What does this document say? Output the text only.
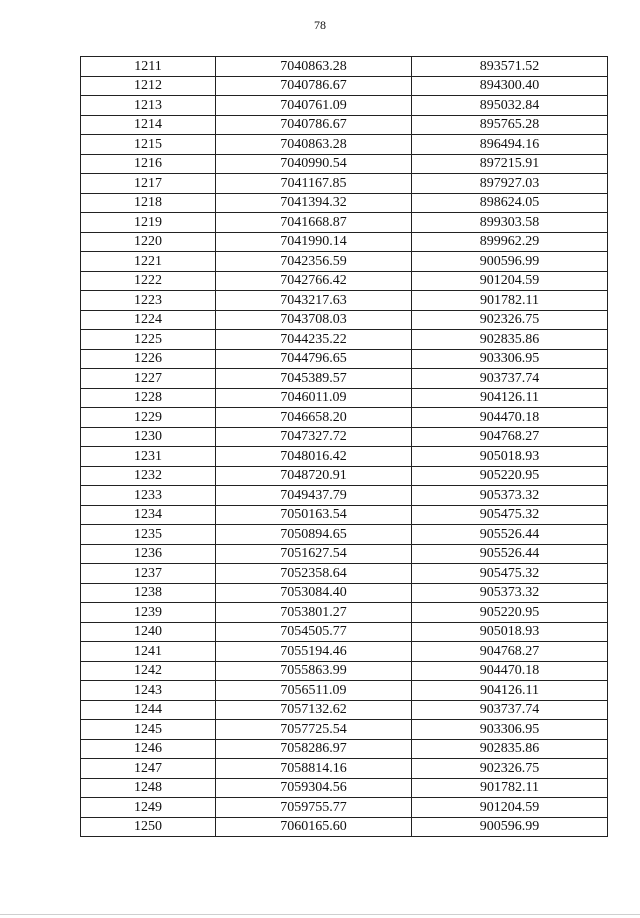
78
1211	7040863.28	893571.52
1212	7040786.67	894300.40
1213	7040761.09	895032.84
1214	7040786.67	895765.28
1215	7040863.28	896494.16
1216	7040990.54	897215.91
1217	7041167.85	897927.03
1218	7041394.32	898624.05
1219	7041668.87	899303.58
1220	7041990.14	899962.29
1221	7042356.59	900596.99
1222	7042766.42	901204.59
1223	7043217.63	901782.11
1224	7043708.03	902326.75
1225	7044235.22	902835.86
1226	7044796.65	903306.95
1227	7045389.57	903737.74
1228	7046011.09	904126.11
1229	7046658.20	904470.18
1230	7047327.72	904768.27
1231	7048016.42	905018.93
1232	7048720.91	905220.95
1233	7049437.79	905373.32
1234	7050163.54	905475.32
1235	7050894.65	905526.44
1236	7051627.54	905526.44
1237	7052358.64	905475.32
1238	7053084.40	905373.32
1239	7053801.27	905220.95
1240	7054505.77	905018.93
1241	7055194.46	904768.27
1242	7055863.99	904470.18
1243	7056511.09	904126.11
1244	7057132.62	903737.74
1245	7057725.54	903306.95
1246	7058286.97	902835.86
1247	7058814.16	902326.75
1248	7059304.56	901782.11
1249	7059755.77	901204.59
1250	7060165.60	900596.99
